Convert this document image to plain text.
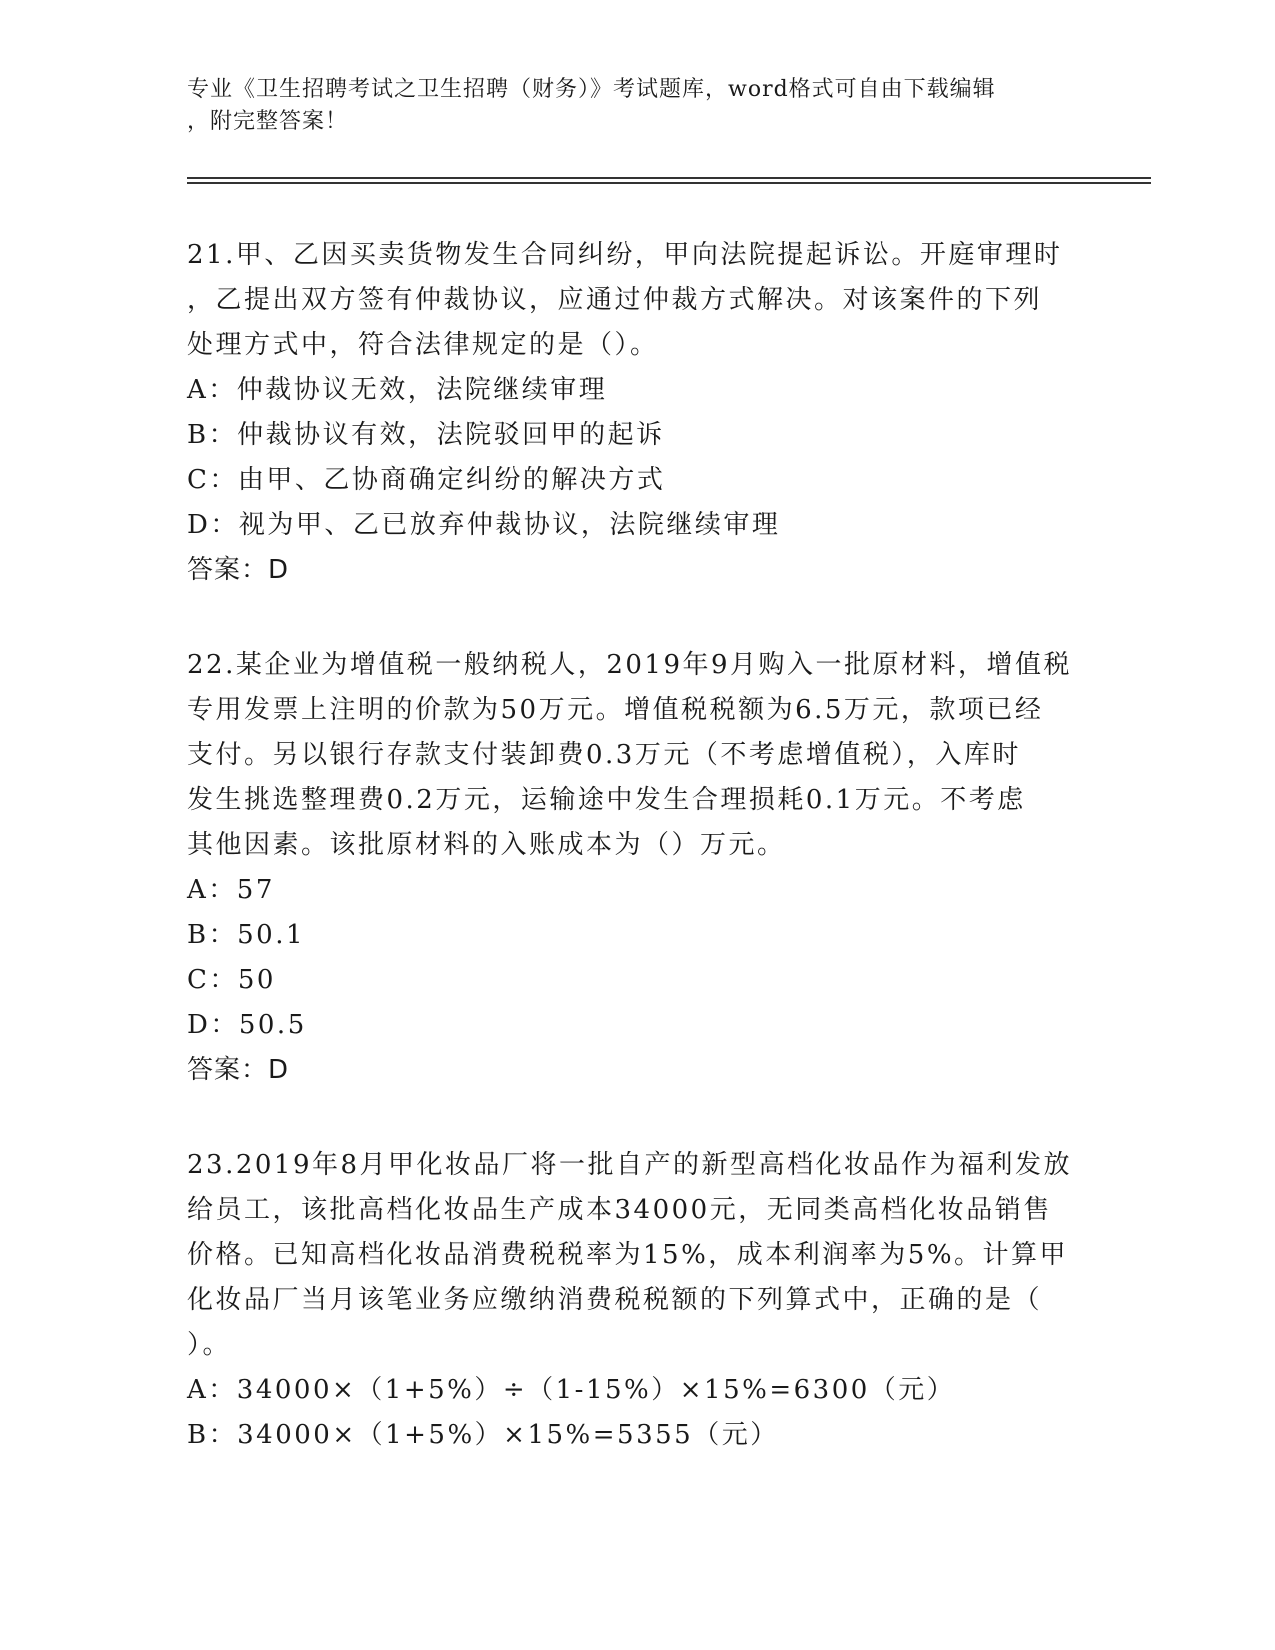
专业《卫生招聘考试之卫生招聘（财务）》考试题库，word格式可自由下载编辑
，附完整答案！
21.甲、乙因买卖货物发生合同纠纷，甲向法院提起诉讼。开庭审理时
，乙提出双方签有仲裁协议，应通过仲裁方式解决。对该案件的下列
处理方式中，符合法律规定的是（）。
A：仲裁协议无效，法院继续审理
B：仲裁协议有效，法院驳回甲的起诉
C：由甲、乙协商确定纠纷的解决方式
D：视为甲、乙已放弃仲裁协议，法院继续审理
答案：D
22.某企业为增值税一般纳税人，2019年9月购入一批原材料，增值税
专用发票上注明的价款为50万元。增值税税额为6.5万元，款项已经
支付。另以银行存款支付装卸费0.3万元（不考虑增值税），入库时
发生挑选整理费0.2万元，运输途中发生合理损耗0.1万元。不考虑
其他因素。该批原材料的入账成本为（）万元。
A：57
B：50.1
C：50
D：50.5
答案：D
23.2019年8月甲化妆品厂将一批自产的新型高档化妆品作为福利发放
给员工，该批高档化妆品生产成本34000元，无同类高档化妆品销售
价格。已知高档化妆品消费税税率为15%，成本利润率为5%。计算甲
化妆品厂当月该笔业务应缴纳消费税税额的下列算式中，正确的是（
）。
A：34000×（1+5%）÷（1-15%）×15%=6300（元）
B：34000×（1+5%）×15%=5355（元）
